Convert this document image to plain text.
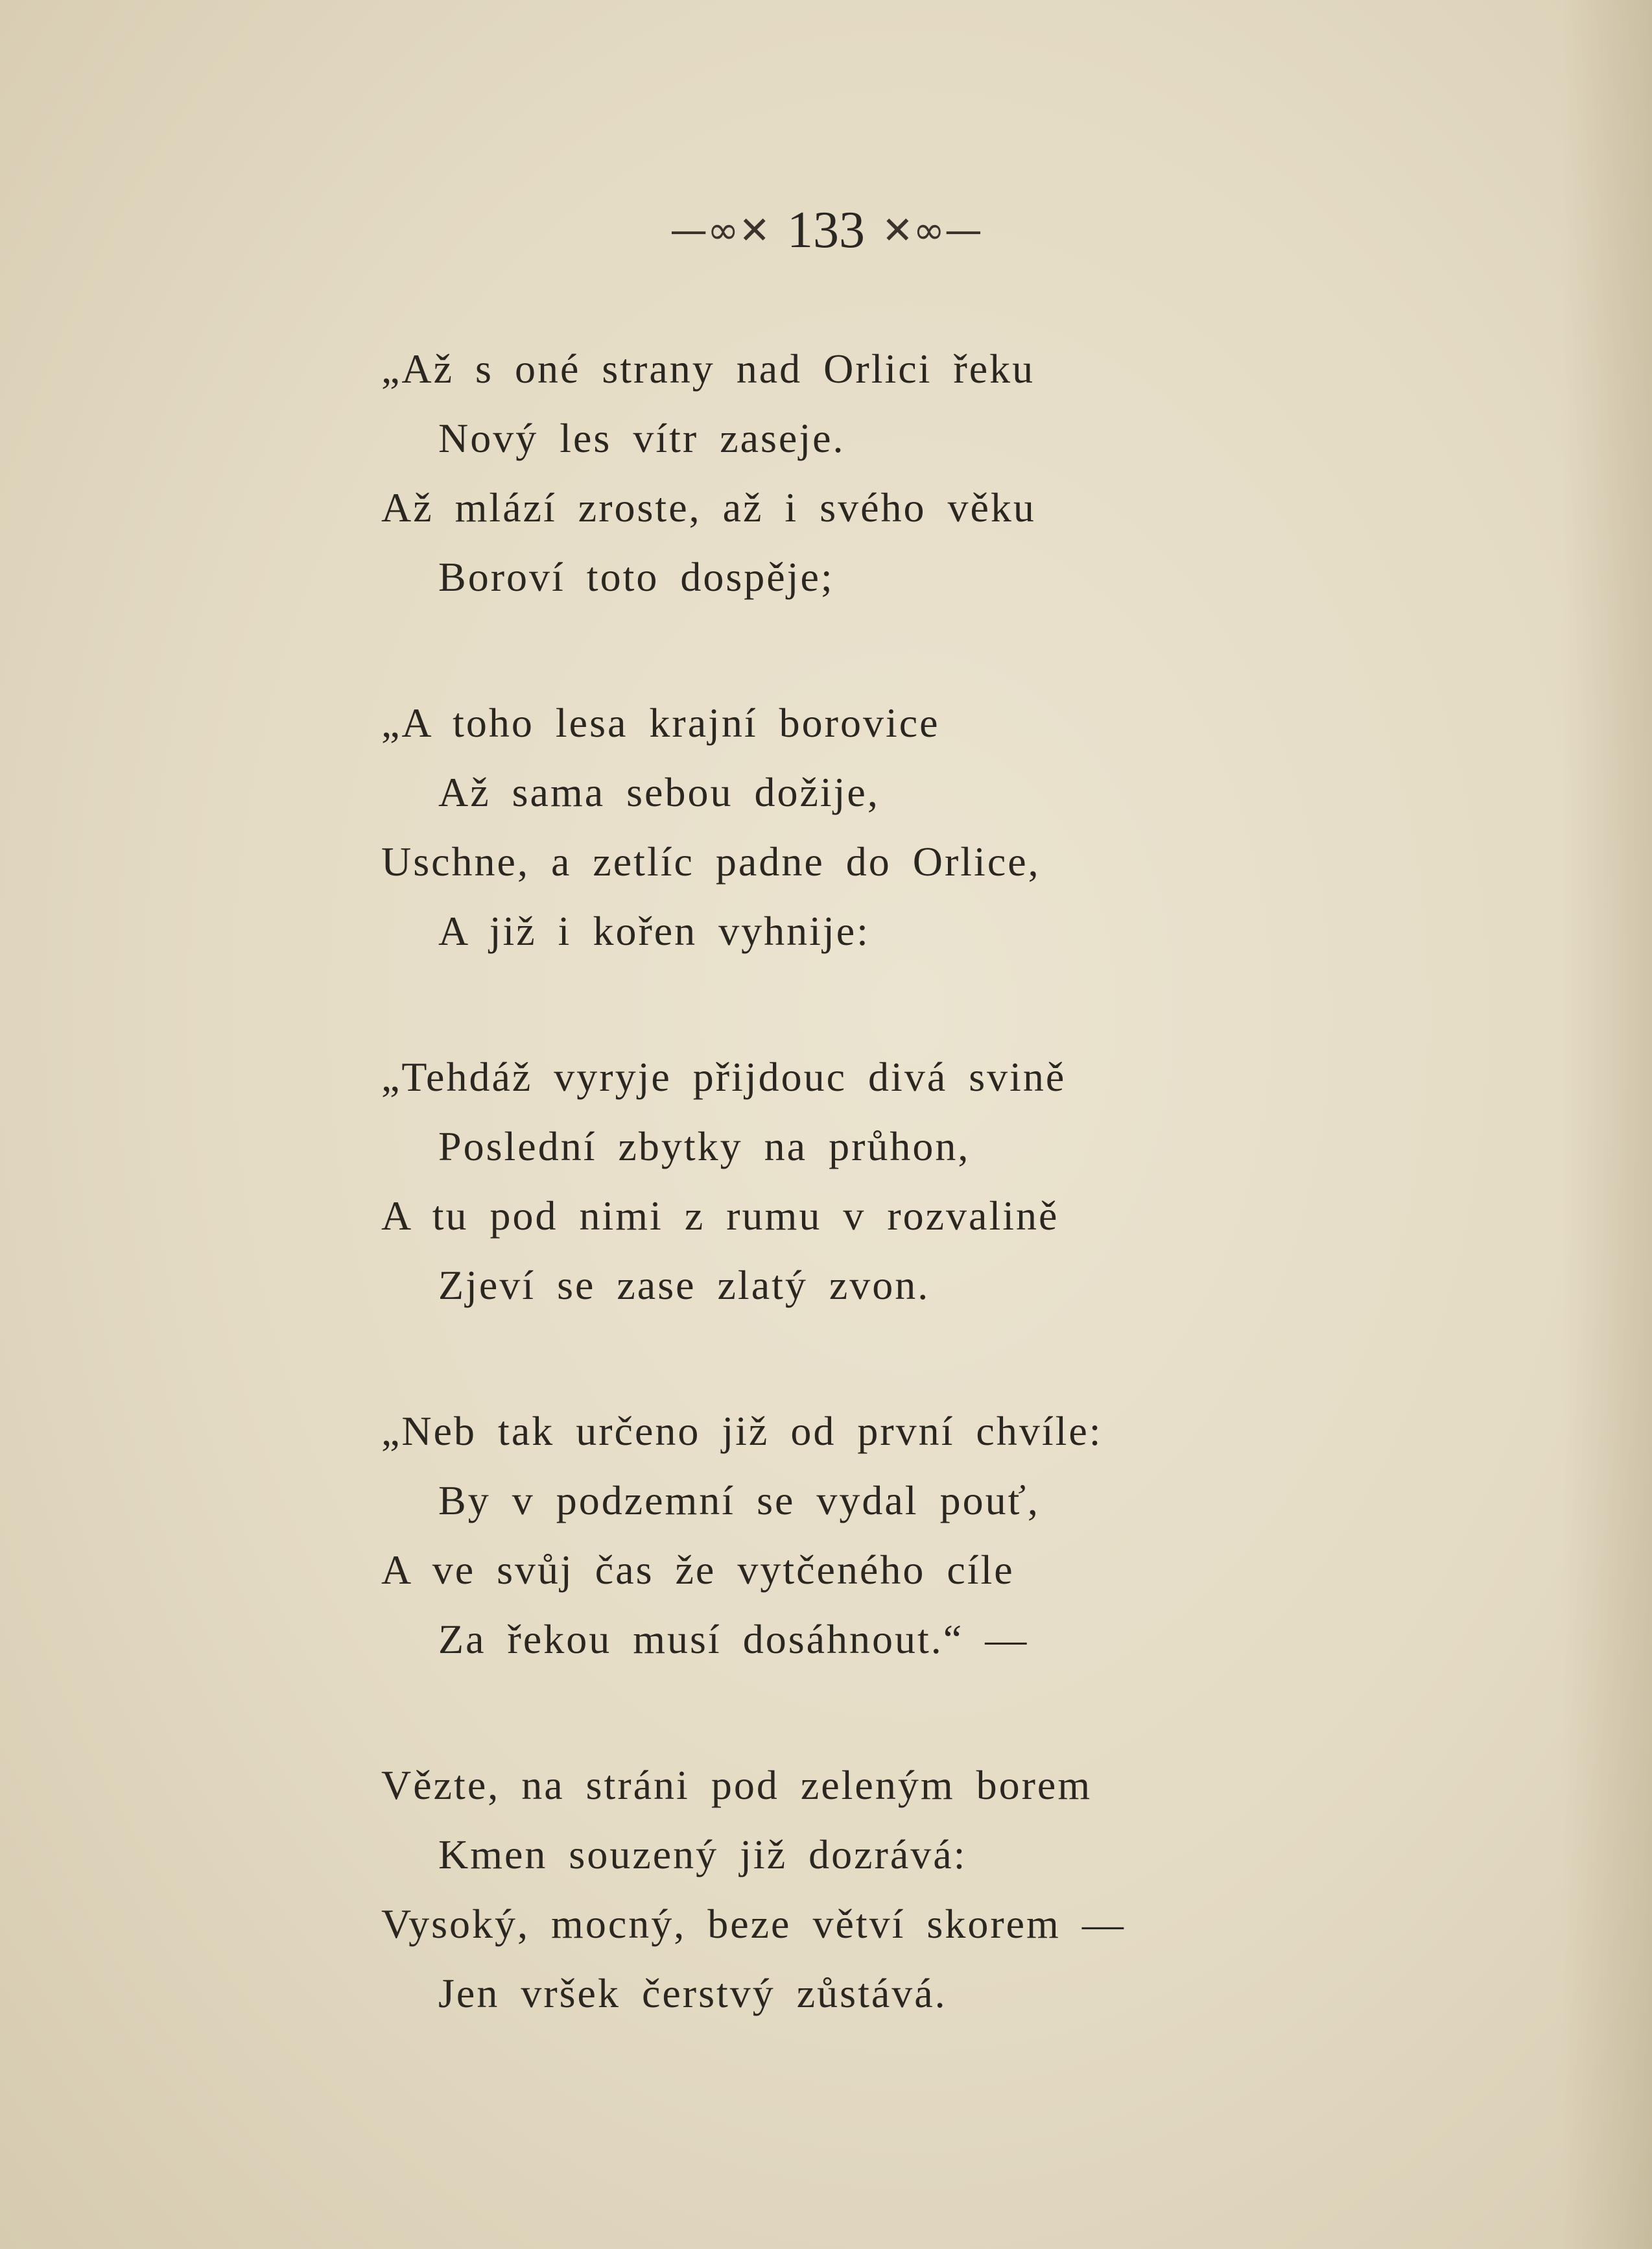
—∞✕ 133 ✕∞—
„Až s oné strany nad Orlici řeku
Nový les vítr zaseje.
Až mlází zroste, až i svého věku
Boroví toto dospěje;
„A toho lesa krajní borovice
Až sama sebou dožije,
Uschne, a zetlíc padne do Orlice,
A již i kořen vyhnije:
„Tehdáž vyryje přijdouc divá svině
Poslední zbytky na průhon,
A tu pod nimi z rumu v rozvalině
Zjeví se zase zlatý zvon.
„Neb tak určeno již od první chvíle:
By v podzemní se vydal pouť,
A ve svůj čas že vytčeného cíle
Za řekou musí dosáhnout.“ —
Vězte, na stráni pod zeleným borem
Kmen souzený již dozrává:
Vysoký, mocný, beze větví skorem —
Jen vršek čerstvý zůstává.
